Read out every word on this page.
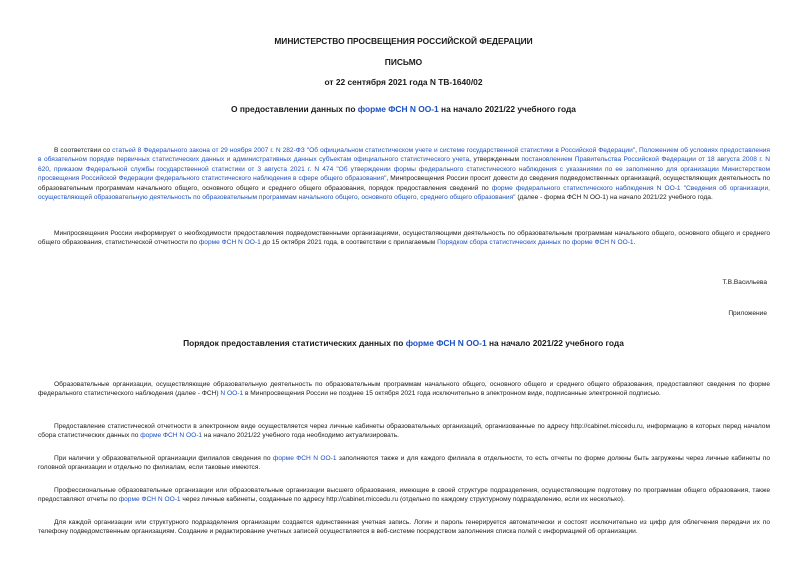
МИНИСТЕРСТВО ПРОСВЕЩЕНИЯ РОССИЙСКОЙ ФЕДЕРАЦИИ
ПИСЬМО
от 22 сентября 2021 года N ТВ-1640/02
О предоставлении данных по форме ФСН N ОО-1 на начало 2021/22 учебного года
В соответствии со статьей 8 Федерального закона от 29 ноября 2007 г. N 282-ФЗ "Об официальном статистическом учете и системе государственной статистики в Российской Федерации", Положением об условиях предоставления в обязательном порядке первичных статистических данных и административных данных субъектам официального статистического учета, утвержденным постановлением Правительства Российской Федерации от 18 августа 2008 г. N 620, приказом Федеральной службы государственной статистики от 3 августа 2021 г. N 474 "Об утверждении формы федерального статистического наблюдения с указаниями по ее заполнению для организации Министерством просвещения Российской Федерации федерального статистического наблюдения в сфере общего образования", Минпросвещения России просит довести до сведения подведомственных организаций, осуществляющих деятельность по образовательным программам начального общего, основного общего и среднего общего образования, порядок предоставления сведений по форме федерального статистического наблюдения N ОО-1 "Сведения об организации, осуществляющей образовательную деятельность по образовательным программам начального общего, основного общего, среднего общего образования" (далее - форма ФСН N ОО-1) на начало 2021/22 учебного года.
Минпросвещения России информирует о необходимости предоставления подведомственными организациями, осуществляющими деятельность по образовательным программам начального общего, основного общего и среднего общего образования, статистической отчетности по форме ФСН N ОО-1 до 15 октября 2021 года, в соответствии с прилагаемым Порядком сбора статистических данных по форме ФСН N ОО-1.
Т.В.Васильева
Приложение
Порядок предоставления статистических данных по форме ФСН N ОО-1 на начало 2021/22 учебного года
Образовательные организации, осуществляющие образовательную деятельность по образовательным программам начального общего, основного общего и среднего общего образования, предоставляют сведения по форме федерального статистического наблюдения (далее - ФСН) N ОО-1 в Минпросвещения России не позднее 15 октября 2021 года исключительно в электронном виде, подписанные электронной подписью.
Предоставление статистической отчетности в электронном виде осуществляется через личные кабинеты образовательных организаций, организованные по адресу http://cabinet.miccedu.ru, информацию в которых перед началом сбора статистических данных по форме ФСН N ОО-1 на начало 2021/22 учебного года необходимо актуализировать.
При наличии у образовательной организации филиалов сведения по форме ФСН N ОО-1 заполняются также и для каждого филиала в отдельности, то есть отчеты по форме должны быть загружены через личные кабинеты по головной организации и отдельно по филиалам, если таковые имеются.
Профессиональные образовательные организации или образовательные организации высшего образования, имеющие в своей структуре подразделения, осуществляющие подготовку по программам общего образования, также предоставляют отчеты по форме ФСН N ОО-1 через личные кабинеты, созданные по адресу http://cabinet.miccedu.ru (отдельно по каждому структурному подразделению, если их несколько).
Для каждой организации или структурного подразделения организации создается единственная учетная запись. Логин и пароль генерируется автоматически и состоят исключительно из цифр для облегчения передачи их по телефону подведомственным организациям. Создание и редактирование учетных записей осуществляется в веб-системе посредством заполнения списка полей с информацией об организации.
